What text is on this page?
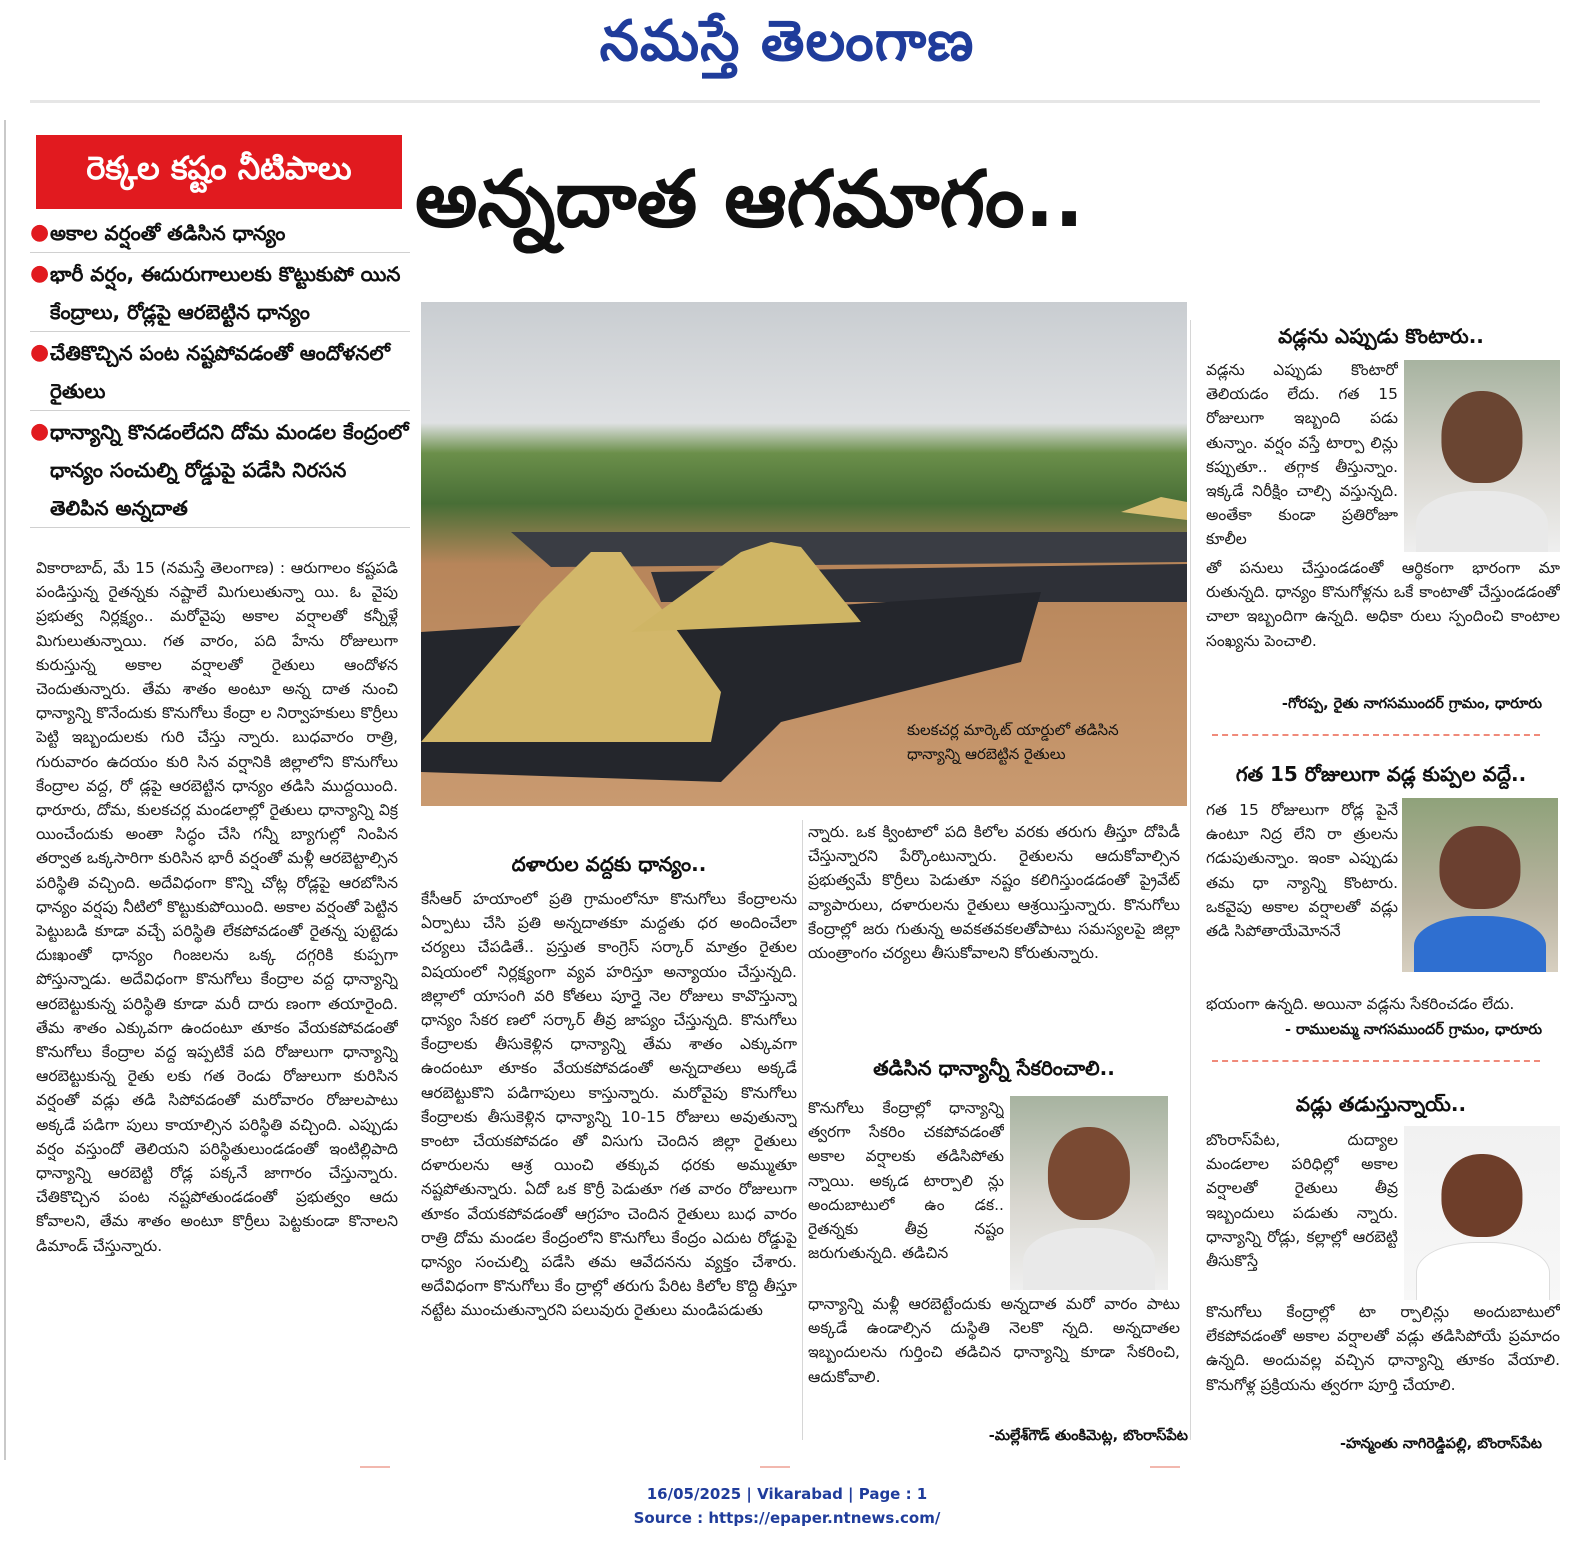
నమస్తే తెలంగాణ
రెక్కల కష్టం నీటిపాలు అన్నదాత ఆగమాగం..
● అకాల వర్షంతో తడిసిన ధాన్యం
● భారీ వర్షం, ఈదురుగాలులకు కొట్టుకుపో యిన కేంద్రాలు, రోడ్లపై ఆరబెట్టిన ధాన్యం
● చేతికొచ్చిన పంట నష్టపోవడంతో ఆందోళనలో రైతులు
● ధాన్యాన్ని కొనడంలేదని దోమ మండల కేంద్రంలో ధాన్యం సంచుల్ని రోడ్డుపై పడేసి నిరసన తెలిపిన అన్నదాత
వికారాబాద్, మే 15 (నమస్తే తెలంగాణ) : ఆరుగాలం కష్టపడి పండిస్తున్న రైతన్నకు నష్టాలే మిగులుతున్నా యి. ఓ వైపు ప్రభుత్వ నిర్లక్ష్యం.. మరోవైపు అకాల వర్షాలతో కన్నీళ్లే మిగులుతున్నాయి. గత వారం, పది హేను రోజులుగా కురుస్తున్న అకాల వర్షాలతో రైతులు ఆందోళన చెందుతున్నారు. తేమ శాతం అంటూ అన్న దాత నుంచి ధాన్యాన్ని కొనేందుకు కొనుగోలు కేంద్రా ల నిర్వాహకులు కొర్రీలు పెట్టి ఇబ్బందులకు గురి చేస్తు న్నారు. బుధవారం రాత్రి, గురువారం ఉదయం కురి సిన వర్షానికి జిల్లాలోని కొనుగోలు కేంద్రాల వద్ద, రో డ్లపై ఆరబెట్టిన ధాన్యం తడిసి ముద్దయింది. ధారూరు, దోమ, కులకచర్ల మండలాల్లో రైతులు ధాన్యాన్ని విక్ర యించేందుకు అంతా సిద్ధం చేసి గన్నీ బ్యాగుల్లో నింపిన తర్వాత ఒక్కసారిగా కురిసిన భారీ వర్షంతో మళ్లీ ఆరబెట్టాల్సిన పరిస్థితి వచ్చింది. అదేవిధంగా కొన్ని చోట్ల రోడ్లపై ఆరబోసిన ధాన్యం వర్షపు నీటిలో కొట్టుకుపోయింది. అకాల వర్షంతో పెట్టిన పెట్టుబడి కూడా వచ్చే పరిస్థితి లేకపోవడంతో రైతన్న పుట్టెడు దుఃఖంతో ధాన్యం గింజలను ఒక్క దగ్గరికి కుప్పగా పోస్తున్నాడు. అదేవిధంగా కొనుగోలు కేంద్రాల వద్ద ధాన్యాన్ని ఆరబెట్టుకున్న పరిస్థితి కూడా మరీ దారు ణంగా తయారైంది. తేమ శాతం ఎక్కువగా ఉందంటూ తూకం వేయకపోవడంతో కొనుగోలు కేంద్రాల వద్ద ఇప్పటికే పది రోజులుగా ధాన్యాన్ని ఆరబెట్టుకున్న రైతు లకు గత రెండు రోజులుగా కురిసిన వర్షంతో వడ్లు తడి సిపోవడంతో మరోవారం రోజులపాటు అక్కడే పడిగా పులు కాయాల్సిన పరిస్థితి వచ్చింది. ఎప్పుడు వర్షం వస్తుందో తెలియని పరిస్థితులుండడంతో ఇంటిల్లిపాది ధాన్యాన్ని ఆరబెట్టి రోడ్ల పక్కనే జాగారం చేస్తున్నారు. చేతికొచ్చిన పంట నష్టపోతుండడంతో ప్రభుత్వం ఆదు కోవాలని, తేమ శాతం అంటూ కొర్రీలు పెట్టకుండా కొనాలని డిమాండ్ చేస్తున్నారు.
కులకచర్ల మార్కెట్ యార్డులో తడిసిన ధాన్యాన్ని ఆరబెట్టిన రైతులు
దళారుల వద్దకు ధాన్యం..
కేసీఆర్ హయాంలో ప్రతి గ్రామంలోనూ కొనుగోలు కేంద్రాలను ఏర్పాటు చేసి ప్రతి అన్నదాతకూ మద్దతు ధర అందించేలా చర్యలు చేపడితే.. ప్రస్తుత కాంగ్రెస్ సర్కార్ మాత్రం రైతుల విషయంలో నిర్లక్ష్యంగా వ్యవ హరిస్తూ అన్యాయం చేస్తున్నది. జిల్లాలో యాసంగి వరి కోతలు పూర్తై నెల రోజులు కావొస్తున్నా ధాన్యం సేకర ణలో సర్కార్ తీవ్ర జాప్యం చేస్తున్నది. కొనుగోలు కేంద్రాలకు తీసుకెళ్లిన ధాన్యాన్ని తేమ శాతం ఎక్కువగా ఉందంటూ తూకం వేయకపోవడంతో అన్నదాతలు అక్కడే ఆరబెట్టుకొని పడిగాపులు కాస్తున్నారు. మరోవైపు కొనుగోలు కేంద్రాలకు తీసుకెళ్లిన ధాన్యాన్ని 10-15 రోజులు అవుతున్నా కాంటా చేయకపోవడం తో విసుగు చెందిన జిల్లా రైతులు దళారులను ఆశ్ర యించి తక్కువ ధరకు అమ్ముతూ నష్టపోతున్నారు. ఏదో ఒక కొర్రీ పెడుతూ గత వారం రోజులుగా తూకం వేయకపోవడంతో ఆగ్రహం చెందిన రైతులు బుధ వారం రాత్రి దోమ మండల కేంద్రంలోని కొనుగోలు కేంద్రం ఎదుట రోడ్డుపై ధాన్యం సంచుల్ని పడేసి తమ ఆవేదనను వ్యక్తం చేశారు. అదేవిధంగా కొనుగోలు కేం ద్రాల్లో తరుగు పేరిట కిలోల కొద్ది తీస్తూ నట్టేట ముంచుతున్నారని పలువురు రైతులు మండిపడుతు
న్నారు. ఒక క్వింటాలో పది కిలోల వరకు తరుగు తీస్తూ దోపిడీ చేస్తున్నారని పేర్కొంటున్నారు. రైతులను ఆదుకోవాల్సిన ప్రభుత్వమే కొర్రీలు పెడుతూ నష్టం కలిగిస్తుండడంతో ప్రైవేట్ వ్యాపారులు, దళారులను రైతులు ఆశ్రయిస్తున్నారు. కొనుగోలు కేంద్రాల్లో జరు గుతున్న అవకతవకలతోపాటు సమస్యలపై జిల్లా యంత్రాంగం చర్యలు తీసుకోవాలని కోరుతున్నారు.
తడిసిన ధాన్యాన్నీ సేకరించాలి..
కొనుగోలు కేంద్రాల్లో ధాన్యాన్ని త్వరగా సేకరిం చకపోవడంతో అకాల వర్షాలకు తడిసిపోతు న్నాయి. అక్కడ టార్పాలి న్లు అందుబాటులో ఉం డక.. రైతన్నకు తీవ్ర నష్టం జరుగుతున్నది. తడిచిన
ధాన్యాన్ని మళ్లీ ఆరబెట్టేందుకు అన్నదాత మరో వారం పాటు అక్కడే ఉండాల్సిన దుస్థితి నెలకొ న్నది. అన్నదాతల ఇబ్బందులను గుర్తించి తడిచిన ధాన్యాన్ని కూడా సేకరించి, ఆదుకోవాలి.
-మల్లేశ్‌గౌడ్ తుంకిమెట్ల, బొంరాస్‌పేట
వడ్లను ఎప్పుడు కొంటారు..
వడ్లను ఎప్పుడు కొంటారో తెలియడం లేదు. గత 15 రోజులుగా ఇబ్బంది పడు తున్నాం. వర్షం వస్తే టార్పా లిన్లు కప్పుతూ.. తగ్గాక తీస్తున్నాం. ఇక్కడే నిరీక్షిం చాల్సి వస్తున్నది. అంతేకా కుండా ప్రతిరోజూ కూలీల
తో పనులు చేస్తుండడంతో ఆర్థికంగా భారంగా మా రుతున్నది. ధాన్యం కొనుగోళ్లను ఒకే కాంటాతో చేస్తుండడంతో చాలా ఇబ్బందిగా ఉన్నది. అధికా రులు స్పందించి కాంటాల సంఖ్యను పెంచాలి.
-గోరప్ప, రైతు నాగసముందర్ గ్రామం, ధారూరు
గత 15 రోజులుగా వడ్ల కుప్పల వద్దే..
గత 15 రోజులుగా రోడ్ల పైనే ఉంటూ నిద్ర లేని రా త్రులను గడుపుతున్నాం. ఇంకా ఎప్పుడు తమ ధా న్యాన్ని కొంటారు. ఒకవైపు అకాల వర్షాలతో వడ్లు తడి సిపోతాయేమోననే
భయంగా ఉన్నది. అయినా వడ్లను సేకరించడం లేదు.
- రాములమ్మ నాగసముందర్ గ్రామం, ధారూరు
వడ్లు తడుస్తున్నాయ్..
బొంరాస్‌పేట, దుద్యాల మండలాల పరిధిల్లో అకాల వర్షాలతో రైతులు తీవ్ర ఇబ్బందులు పడుతు న్నారు. ధాన్యాన్ని రోడ్లు, కల్లాల్లో ఆరబెట్టి తీసుకొస్తే
కొనుగోలు కేంద్రాల్లో టా ర్పాలిన్లు అందుబాటులో లేకపోవడంతో అకాల వర్షాలతో వడ్లు తడిసిపోయే ప్రమాదం ఉన్నది. అందువల్ల వచ్చిన ధాన్యాన్ని తూకం వేయాలి. కొనుగోళ్ల ప్రక్రియను త్వరగా పూర్తి చేయాలి.
-హన్మంతు నాగిరెడ్డిపల్లి, బొంరాస్‌పేట
16/05/2025 | Vikarabad | Page : 1
Source : https://epaper.ntnews.com/
